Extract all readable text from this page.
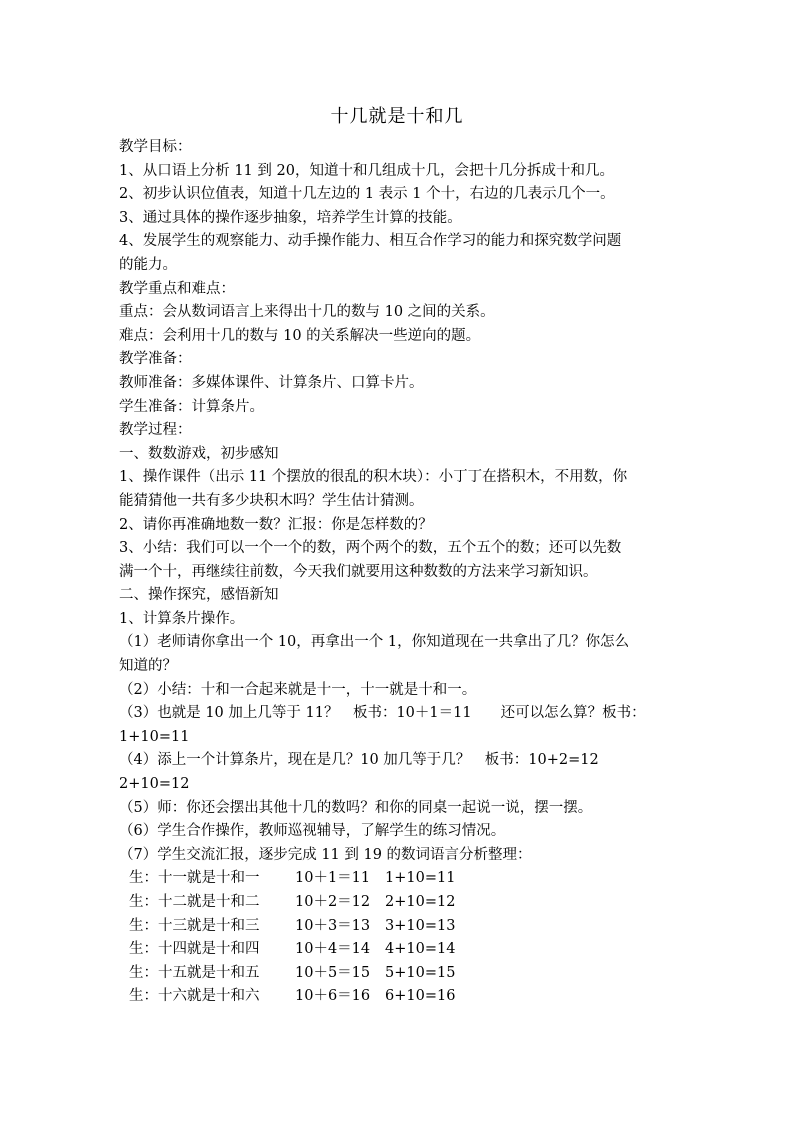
十几就是十和几

教学目标：

1、从口语上分析 11 到 20，知道十和几组成十几，会把十几分拆成十和几。

2、初步认识位值表，知道十几左边的 1 表示 1 个十，右边的几表示几个一。

3、通过具体的操作逐步抽象，培养学生计算的技能。

4、发展学生的观察能力、动手操作能力、相互合作学习的能力和探究数学问题

的能力。

教学重点和难点：

重点：会从数词语言上来得出十几的数与 10 之间的关系。

难点：会利用十几的数与 10 的关系解决一些逆向的题。

教学准备：

教师准备：多媒体课件、计算条片、口算卡片。

学生准备：计算条片。

教学过程：

一、数数游戏，初步感知

1、操作课件（出示 11 个摆放的很乱的积木块）：小丁丁在搭积木，不用数，你

能猜猜他一共有多少块积木吗？学生估计猜测。

2、请你再准确地数一数？汇报：你是怎样数的？

3、小结：我们可以一个一个的数，两个两个的数，五个五个的数；还可以先数

满一个十，再继续往前数，今天我们就要用这种数数的方法来学习新知识。

二、操作探究，感悟新知

1、计算条片操作。

（1）老师请你拿出一个 10，再拿出一个 1，你知道现在一共拿出了几？你怎么

知道的？

（2）小结：十和一合起来就是十一，十一就是十和一。

（3）也就是 10 加上几等于 11？　板书：10＋1＝11　　还可以怎么算？板书：

1+10=11

（4）添上一个计算条片，现在是几？10 加几等于几？　板书：10+2=12

2+10=12

（5）师：你还会摆出其他十几的数吗？和你的同桌一起说一说，摆一摆。

（6）学生合作操作，教师巡视辅导，了解学生的练习情况。

（7）学生交流汇报，逐步完成 11 到 19 的数词语言分析整理：

生：十一就是十和一	10＋1＝11	1+10=11
生：十二就是十和二	10＋2＝12	2+10=12
生：十三就是十和三	10＋3＝13	3+10=13
生：十四就是十和四	10＋4＝14	4+10=14
生：十五就是十和五	10＋5＝15	5+10=15
生：十六就是十和六	10＋6＝16	6+10=16
